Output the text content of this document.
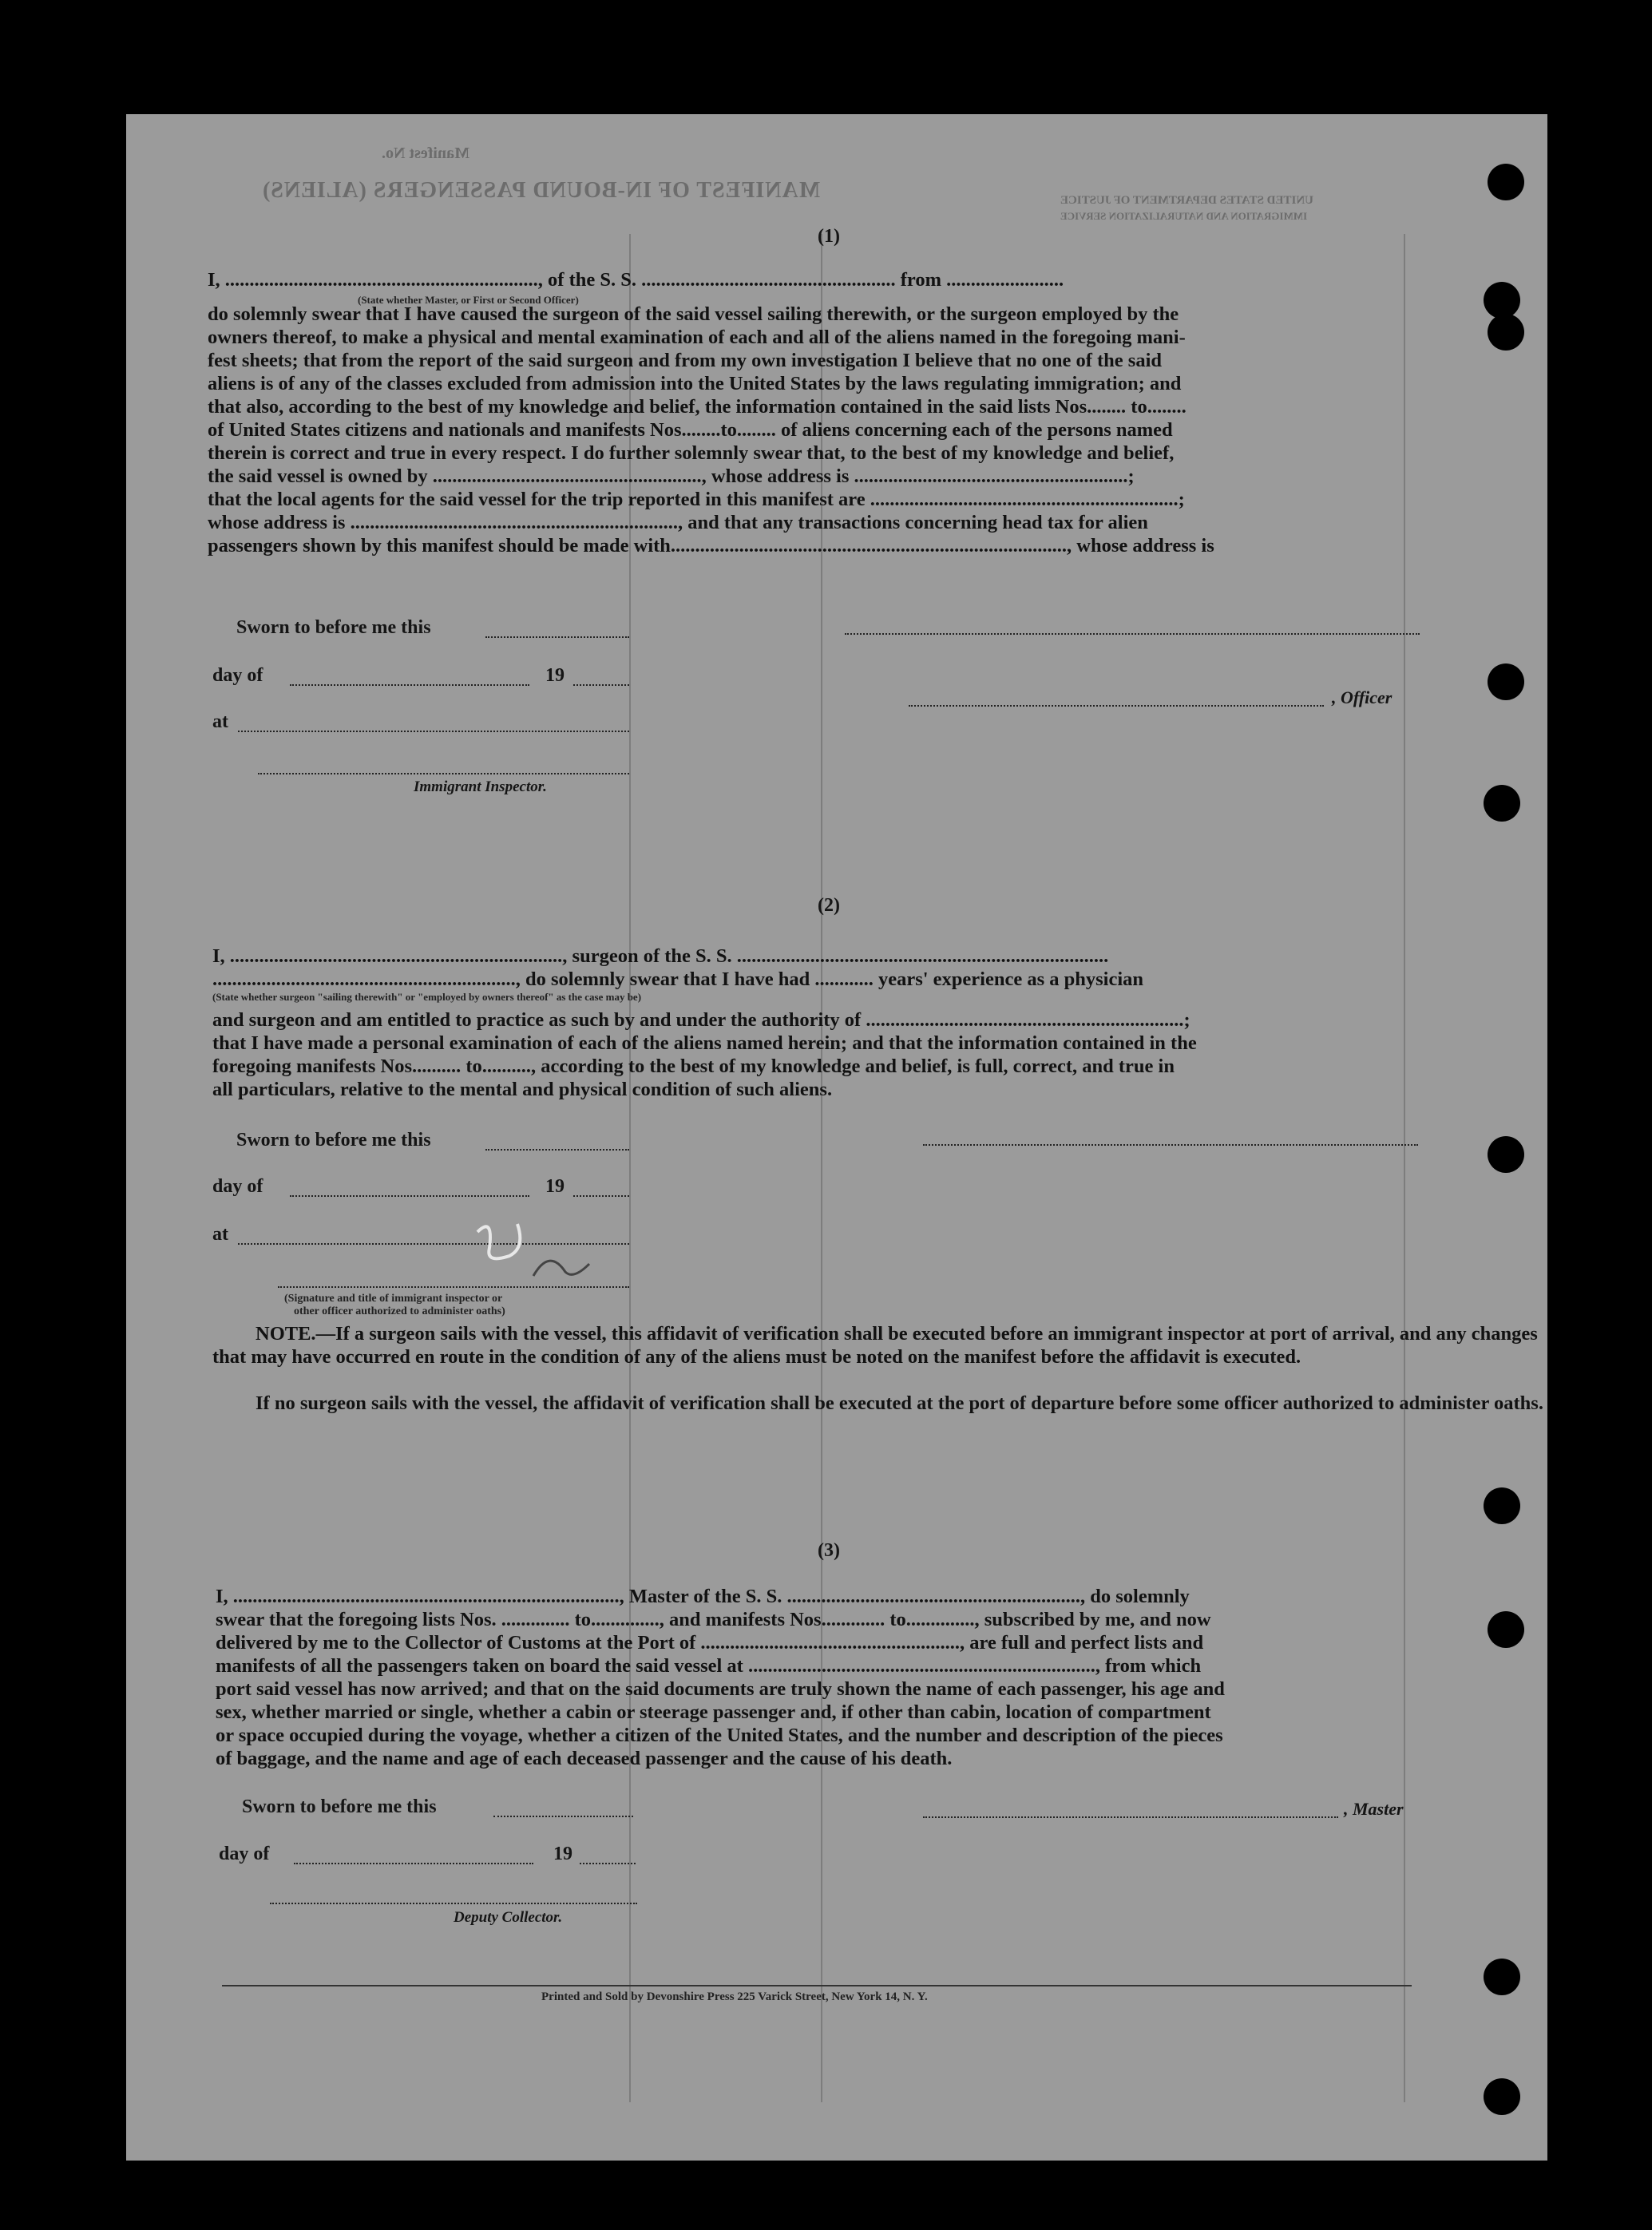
Manifest No.
MANIFEST OF IN-BOUND PASSENGERS (ALIENS)	UNITED STATES DEPARTMENT OF JUSTICE
IMMIGRATION AND NATURALIZATION SERVICE
(1)
I, ................................................................, of the S. S. .................................................... from ........................
do solemnly swear that I have caused the surgeon of the said vessel sailing therewith, or the surgeon employed by the
owners thereof, to make a physical and mental examination of each and all of the aliens named in the foregoing mani-
fest sheets; that from the report of the said surgeon and from my own investigation I believe that no one of the said
aliens is of any of the classes excluded from admission into the United States by the laws regulating immigration; and
that also, according to the best of my knowledge and belief, the information contained in the said lists Nos........ to........
of United States citizens and nationals and manifests Nos........to........ of aliens concerning each of the persons named
therein is correct and true in every respect. I do further solemnly swear that, to the best of my knowledge and belief,
the said vessel is owned by ......................................................., whose address is ........................................................;
that the local agents for the said vessel for the trip reported in this manifest are ...............................................................;
whose address is ..................................................................., and that any transactions concerning head tax for alien
passengers shown by this manifest should be made with................................................................................., whose address is
(State whether Master, or First or Second Officer)
Sworn to before me this
day of	19
at
Immigrant Inspector.
, Officer
(2)
I, ...................................................................., surgeon of the S. S. ............................................................................
.............................................................., do solemnly swear that I have had ............ years' experience as a physician
and surgeon and am entitled to practice as such by and under the authority of .................................................................;
that I have made a personal examination of each of the aliens named herein; and that the information contained in the
foregoing manifests Nos.......... to.........., according to the best of my knowledge and belief, is full, correct, and true in
all particulars, relative to the mental and physical condition of such aliens.
(State whether surgeon "sailing therewith" or "employed by owners thereof" as the case may be)
Sworn to before me this
day of	19
at
(Signature and title of immigrant inspector or
other officer authorized to administer oaths)
NOTE.—If a surgeon sails with the vessel, this affidavit of verification shall be executed before an immigrant inspector at port of arrival, and any changes that may have occurred en route in the condition of any of the aliens must be noted on the manifest before the affidavit is executed.
If no surgeon sails with the vessel, the affidavit of verification shall be executed at the port of departure before some officer authorized to administer oaths.
(3)
I, ..............................................................................., Master of the S. S. ............................................................, do solemnly
swear that the foregoing lists Nos. .............. to.............., and manifests Nos............. to.............., subscribed by me, and now
delivered by me to the Collector of Customs at the Port of ....................................................., are full and perfect lists and
manifests of all the passengers taken on board the said vessel at ......................................................................., from which
port said vessel has now arrived; and that on the said documents are truly shown the name of each passenger, his age and
sex, whether married or single, whether a cabin or steerage passenger and, if other than cabin, location of compartment
or space occupied during the voyage, whether a citizen of the United States, and the number and description of the pieces
of baggage, and the name and age of each deceased passenger and the cause of his death.
Sworn to before me this
day of	19
, Master
Deputy Collector.
Printed and Sold by Devonshire Press 225 Varick Street, New York 14, N. Y.
